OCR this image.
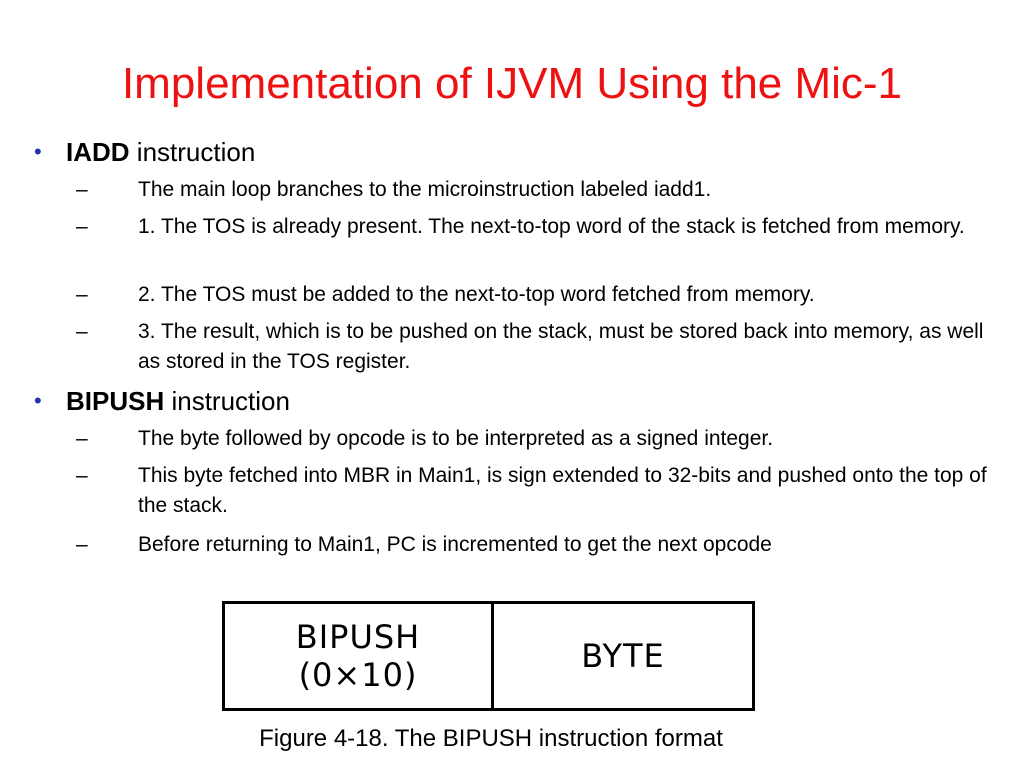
Implementation of IJVM Using the Mic-1
• IADD instruction
– The main loop branches to the microinstruction labeled iadd1.
– 1. The TOS is already present. The next-to-top word of the stack is fetched from memory.
– 2. The TOS must be added to the next-to-top word fetched from memory.
– 3. The result, which is to be pushed on the stack, must be stored back into memory, as well as stored in the TOS register.
• BIPUSH instruction
– The byte followed by opcode is to be interpreted as a signed integer.
– This byte fetched into MBR in Main1, is sign extended to 32-bits and pushed onto the top of the stack.
– Before returning to Main1, PC is incremented to get the next opcode
BIPUSH
(0×10)	BYTE
Figure 4-18. The BIPUSH instruction format
